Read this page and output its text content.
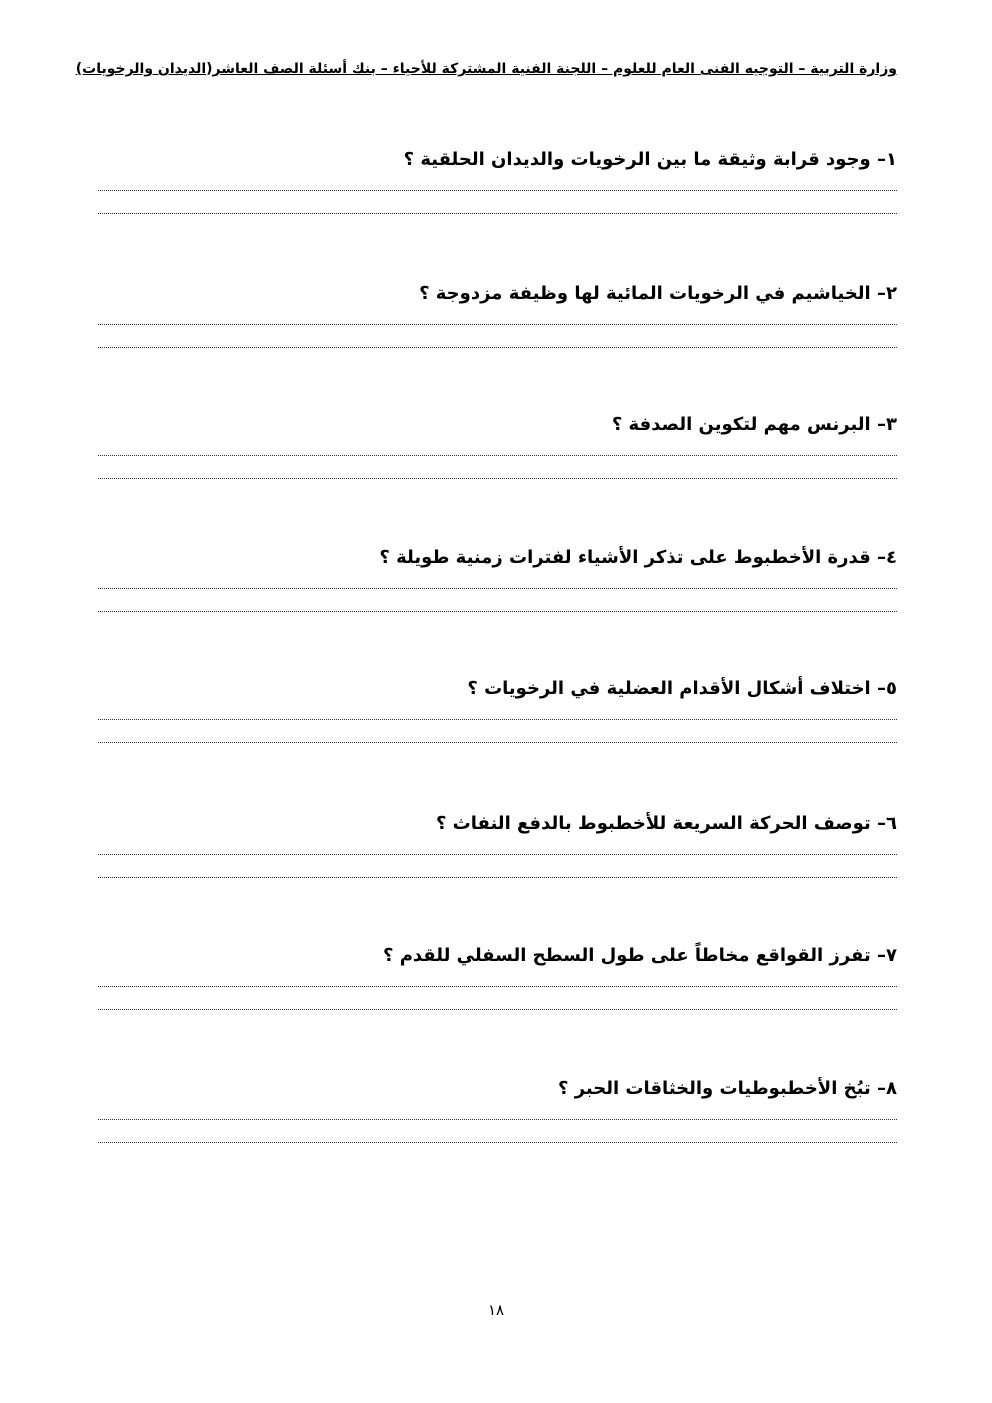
وزارة التربية – التوجيه الفنى العام للعلوم – اللجنة الفنية المشتركة للأحياء – بنك أسئلة الصف العاشر(الديدان والرخويات)
١– وجود قرابة وثيقة ما بين الرخويات والديدان الحلقية ؟
٢– الخياشيم في الرخويات المائية لها وظيفة مزدوجة ؟
٣– البرنس مهم لتكوين الصدفة ؟
٤– قدرة الأخطبوط على تذكر الأشياء لفترات زمنية طويلة ؟
٥– اختلاف أشكال الأقدام العضلية في الرخويات ؟
٦– توصف الحركة السريعة للأخطبوط بالدفع النفاث ؟
٧– تفرز القواقع مخاطاً على طول السطح السفلي للقدم ؟
٨– تبُخ الأخطبوطيات والخثاقات الحبر ؟
١٨
